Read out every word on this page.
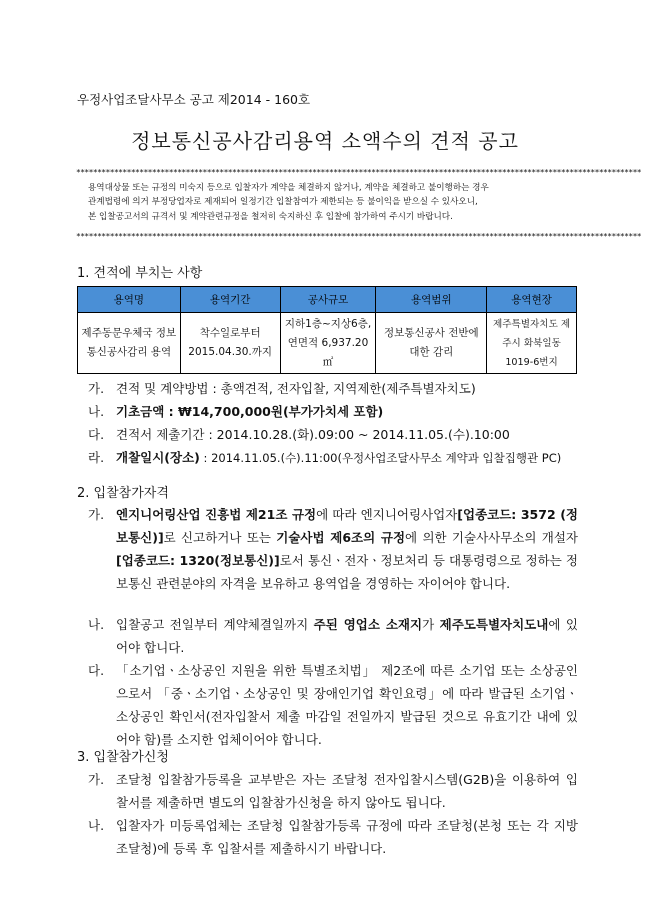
우정사업조달사무소 공고 제2014 - 160호
정보통신공사감리용역 소액수의 견적 공고
**************************************************************************************************************************************
용역대상물 또는 규정의 미숙지 등으로 입찰자가 계약을 체결하지 않거나, 계약을 체결하고 불이행하는 경우
관계법령에 의거 부정당업자로 제재되어 일정기간 입찰참여가 제한되는 등 불이익을 받으실 수 있사오니,
본 입찰공고서의 규격서 및 계약관련규정을 철저히 숙지하신 후 입찰에 참가하여 주시기 바랍니다.
**************************************************************************************************************************************
1. 견적에 부치는 사항
용역명	용역기간	공사규모	용역범위	용역현장
제주동문우체국 정보통신공사감리 용역	착수일로부터 2015.04.30.까지	지하1층~지상6층, 연면적 6,937.20㎡	정보통신공사 전반에 대한 감리	제주특별자치도 제주시 화북일동 1019-6번지
가. 견적 및 계약방법 : 총액견적, 전자입찰, 지역제한(제주특별자치도)
나. 기초금액 : ₩14,700,000원(부가가치세 포함)
다. 견적서 제출기간 : 2014.10.28.(화).09:00 ~ 2014.11.05.(수).10:00
라. 개찰일시(장소) : 2014.11.05.(수).11:00(우정사업조달사무소 계약과 입찰집행관 PC)
2. 입찰참가자격
가. 엔지니어링산업 진흥법 제21조 규정에 따라 엔지니어링사업자[업종코드: 3572 (정보통신)]로 신고하거나 또는 기술사법 제6조의 규정에 의한 기술사사무소의 개설자[업종코드: 1320(정보통신)]로서 통신ㆍ전자ㆍ정보처리 등 대통령령으로 정하는 정보통신 관련분야의 자격을 보유하고 용역업을 경영하는 자이어야 합니다.
나. 입찰공고 전일부터 계약체결일까지 주된 영업소 소재지가 제주도특별자치도내에 있어야 합니다.
다. 「소기업ㆍ소상공인 지원을 위한 특별조치법」 제2조에 따른 소기업 또는 소상공인으로서 「중ㆍ소기업ㆍ소상공인 및 장애인기업 확인요령」에 따라 발급된 소기업ㆍ소상공인 확인서(전자입찰서 제출 마감일 전일까지 발급된 것으로 유효기간 내에 있어야 함)를 소지한 업체이어야 합니다.
3. 입찰참가신청
가. 조달청 입찰참가등록을 교부받은 자는 조달청 전자입찰시스템(G2B)을 이용하여 입찰서를 제출하면 별도의 입찰참가신청을 하지 않아도 됩니다.
나. 입찰자가 미등록업체는 조달청 입찰참가등록 규정에 따라 조달청(본청 또는 각 지방조달청)에 등록 후 입찰서를 제출하시기 바랍니다.
